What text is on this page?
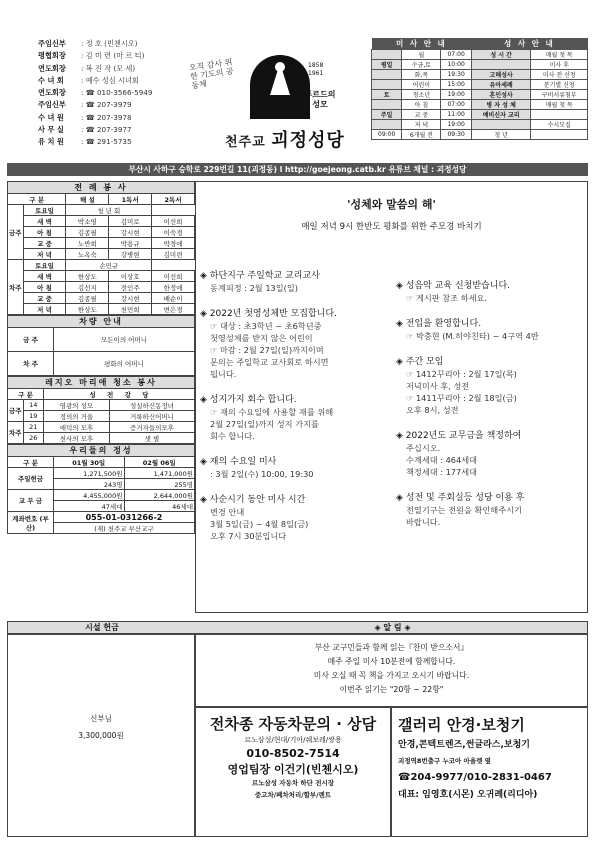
주임신부	: 정 호 (빈첸시오)
평협회장	: 김 미 련 (마 르 티)
연도회장	: 복 진 작 (모 세)
수 녀 회	: 예수 성심 시녀회
연도회장	: ☎ 010-3566-5949
주임신부	: ☎ 207-3979
수 녀 원	: ☎ 207-3978
사 무 실	: ☎ 207-3977
유 치 원	: ☎ 291-5735
오직 감사 위한 기도의 공동체
1858
1961
루르드의 성모
천주교 괴정성당
미 사 안 내			성 사 안 내	
	월	07:00	성 시 간	매월 첫 목
평일	수금,토	10:00		미사 후
	화,목	19:30	고해성사	미사 전 신청
	어린이	15:00	유아세례	분기별 신청
토	청소년	19:00	혼인성사	구비서류첨부
	아 침	07:00	병 자 성 체	매월 첫 목
주일	교 중	11:00	예비신자 교리	
	저 녁	19:00		수시모집
09:00	6개월 전	09:30	청 년	
부산시 사하구 승학로 229번길 11(괴정동) l http://goejeong.catb.kr 유튜브 채널 : 괴정성당
전 례 봉 사				
구 분		해 설	1독서	2독서
금주	토요일	청 년 회		
	새 벽	박소영	김미로	이선희
	아 침	김종필	강시현	이숙경
	교 중	노반희	박용규	박경애
	저 녁	노옥숙	강병현	김미련
차주	토요일	손민규		
	새 벽	한상도	이상호	이선희
	아 침	김선지	전인주	한정애
	교 중	김종필	강시현	배순이
	저 녁	한상도	천민희	변은경
차량 안내	
금 주	모든이의 어머니
차 주	평화의 어머니
레지오 마리애 청소 봉사			
구 분		성 전 강 당	
금주	14	영광의 성모	성실하신동정녀
	19	정의의 거울	거룩하신어머니
차주	21	애덕의 모후	증거자들의모후
	26	천사의 모후	샛 별
우리들의 정성		
구 분	01월 30일	02월 06일
주일헌금	1,271,500원	1,471,000원
	243명	255명
교 무 금	4,455,000원	2,644,000원
	47세대	46세대
계좌번호 (부산)	055-01-031266-2	
	(재) 천주교 부산교구	
'성체와 말씀의 해'
매일 저녁 9시 한반도 평화를 위한 주모경 바치기
◈ 하단지구 주일학교 교리교사
동계피정 : 2월 13일(일)
◈ 2022년 첫영성체반 모집합니다.
☞ 대상 : 초3학년 ~ 초6학년중
첫영성체를 받지 않은 어린이
☞ 마감 : 2월 27일(일)까지이며
문의는 주일학교 교사회로 하시면
됩니다.
◈ 성지가지 회수 합니다.
☞ 재의 수요일에 사용할 재를 위해
2월 27일(일)까지 성지 가지를
회수 합니다.
◈ 재의 수요일 미사
: 3월 2일(수) 10:00, 19:30
◈ 사순시기 동안 미사 시간
변경 안내
3월 5일(금) ~ 4월 8일(금)
오후 7시 30분입니다
◈ 성음악 교육 신청받습니다.
☞ 게시판 참조 하세요.
◈ 전입을 환영합니다.
☞ 박충현 (M.히야친타) ~ 4구역 4반
◈ 주간 모임
☞ 1412꾸리아 : 2월 17일(목)
저녁미사 후, 성전
☞ 1411꾸리아 : 2월 18일(금)
오후 8시, 성전
◈ 2022년도 교무금을 책정하여
주십시오.
수계세대 : 464세대
책정세대 : 177세대
◈ 성전 및 주회실등 성당 이용 후
전열기구는 전원을 확인해주시기
바랍니다.
시설 헌금	◈ 알 림 ◈
신부님
3,300,000원
부산 교구민들과 함께 읽는『찬미 받으소서』
매주 주일 미사 10분전에 함께합니다.
미사 오실 때 꼭 책을 가지고 오시기 바랍니다.
이번주 읽기는 "20항 ~ 22항"
전차종 자동차문의 · 상담
르노삼성/현대/기아/쉐보레/쌍용
010-8502-7514
영업팀장 이건기(빈첸시오)
르노삼성 자동차 하단 전시장
중고차/폐차처리/할부/렌트
갤러리 안경·보청기
안경,콘텍트렌즈,썬글라스,보청기
괴정역8번출구 누코아 아울렛 옆
☎204-9977/010-2831-0467
대표: 임영호(시몬) 오귀례(리디아)
